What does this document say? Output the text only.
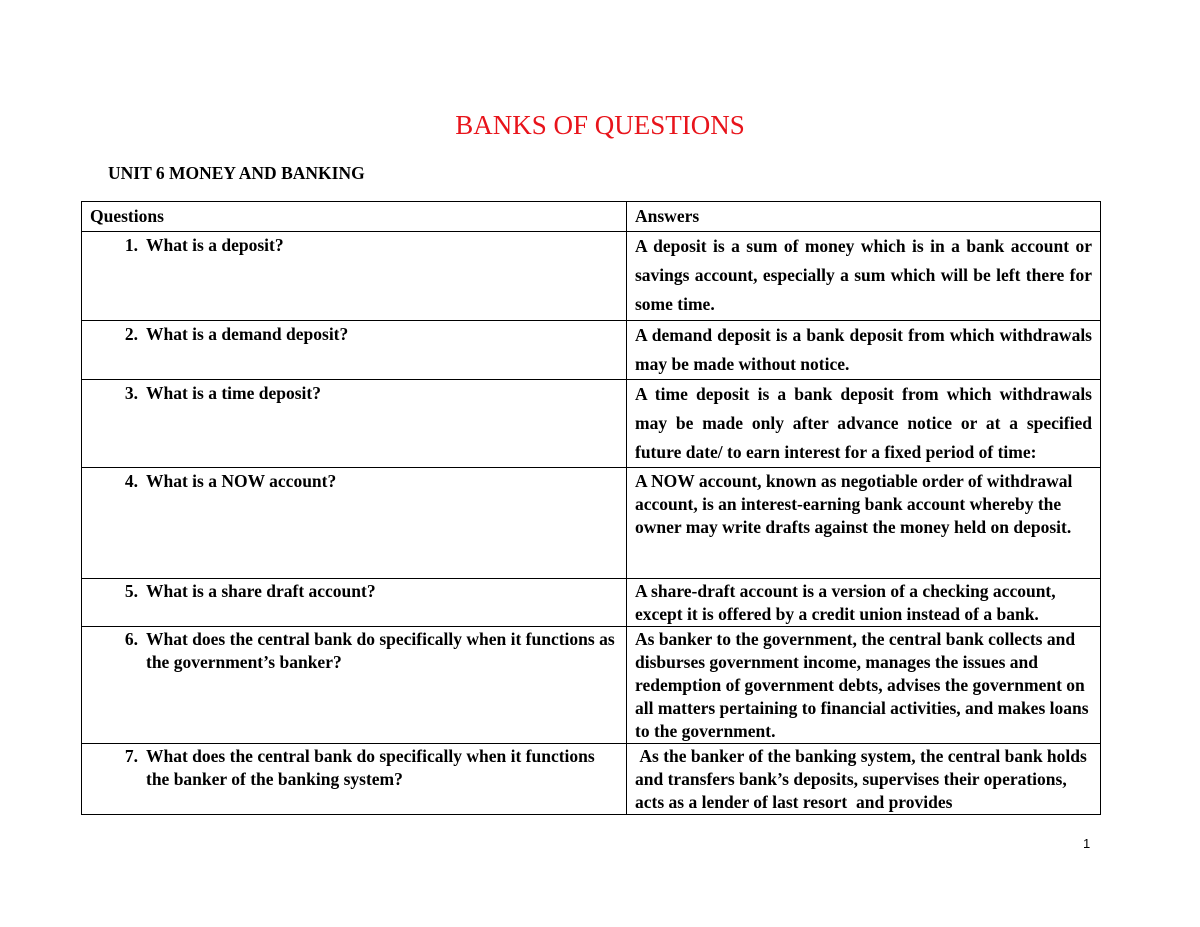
BANKS OF QUESTIONS
UNIT 6 MONEY AND BANKING
Questions	Answers

1. What is a deposit?	A deposit is a sum of money which is in a bank account or savings account, especially a sum which will be left there for some time.

2. What is a demand deposit?	A demand deposit is a bank deposit from which withdrawals may be made without notice.

3. What is a time deposit?	A time deposit is a bank deposit from which withdrawals may be made only after advance notice or at a specified future date/ to earn interest for a fixed period of time:

4. What is a NOW account?	A NOW account, known as negotiable order of withdrawal account, is an interest-earning bank account whereby the owner may write drafts against the money held on deposit.

5. What is a share draft account?	A share-draft account is a version of a checking account, except it is offered by a credit union instead of a bank.

6. What does the central bank do specifically when it functions as the government’s banker?	As banker to the government, the central bank collects and disburses government income, manages the issues and redemption of government debts, advises the government on all matters pertaining to financial activities, and makes loans to the government.

7. What does the central bank do specifically when it functions the banker of the banking system?	As the banker of the banking system, the central bank holds and transfers bank’s deposits, supervises their operations, acts as a lender of last resort  and provides
1
